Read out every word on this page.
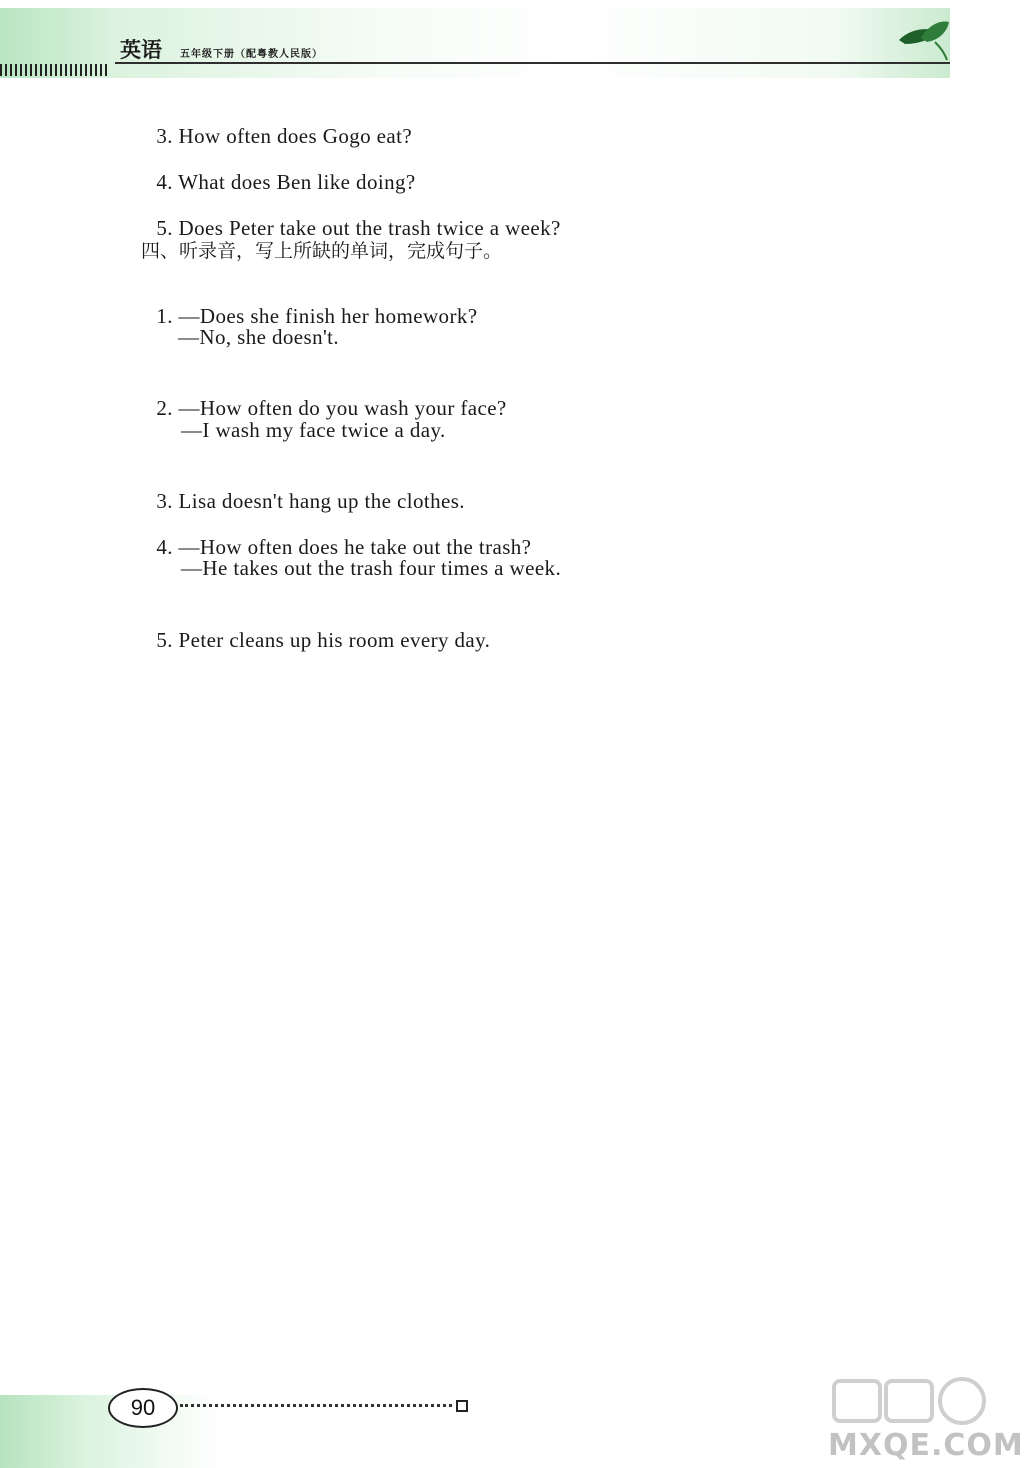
英语 五年级下册（配粤教人民版）

3. How often does Gogo eat?

4. What does Ben like doing?

5. Does Peter take out the trash twice a week?

四、听录音，写上所缺的单词，完成句子。

1. —Does she finish her homework?

—No, she doesn't.

2. —How often do you wash your face?

—I wash my face twice a day.

3. Lisa doesn't hang up the clothes.

4. —How often does he take out the trash?

—He takes out the trash four times a week.

5. Peter cleans up his room every day.

90
MXQE.COM
